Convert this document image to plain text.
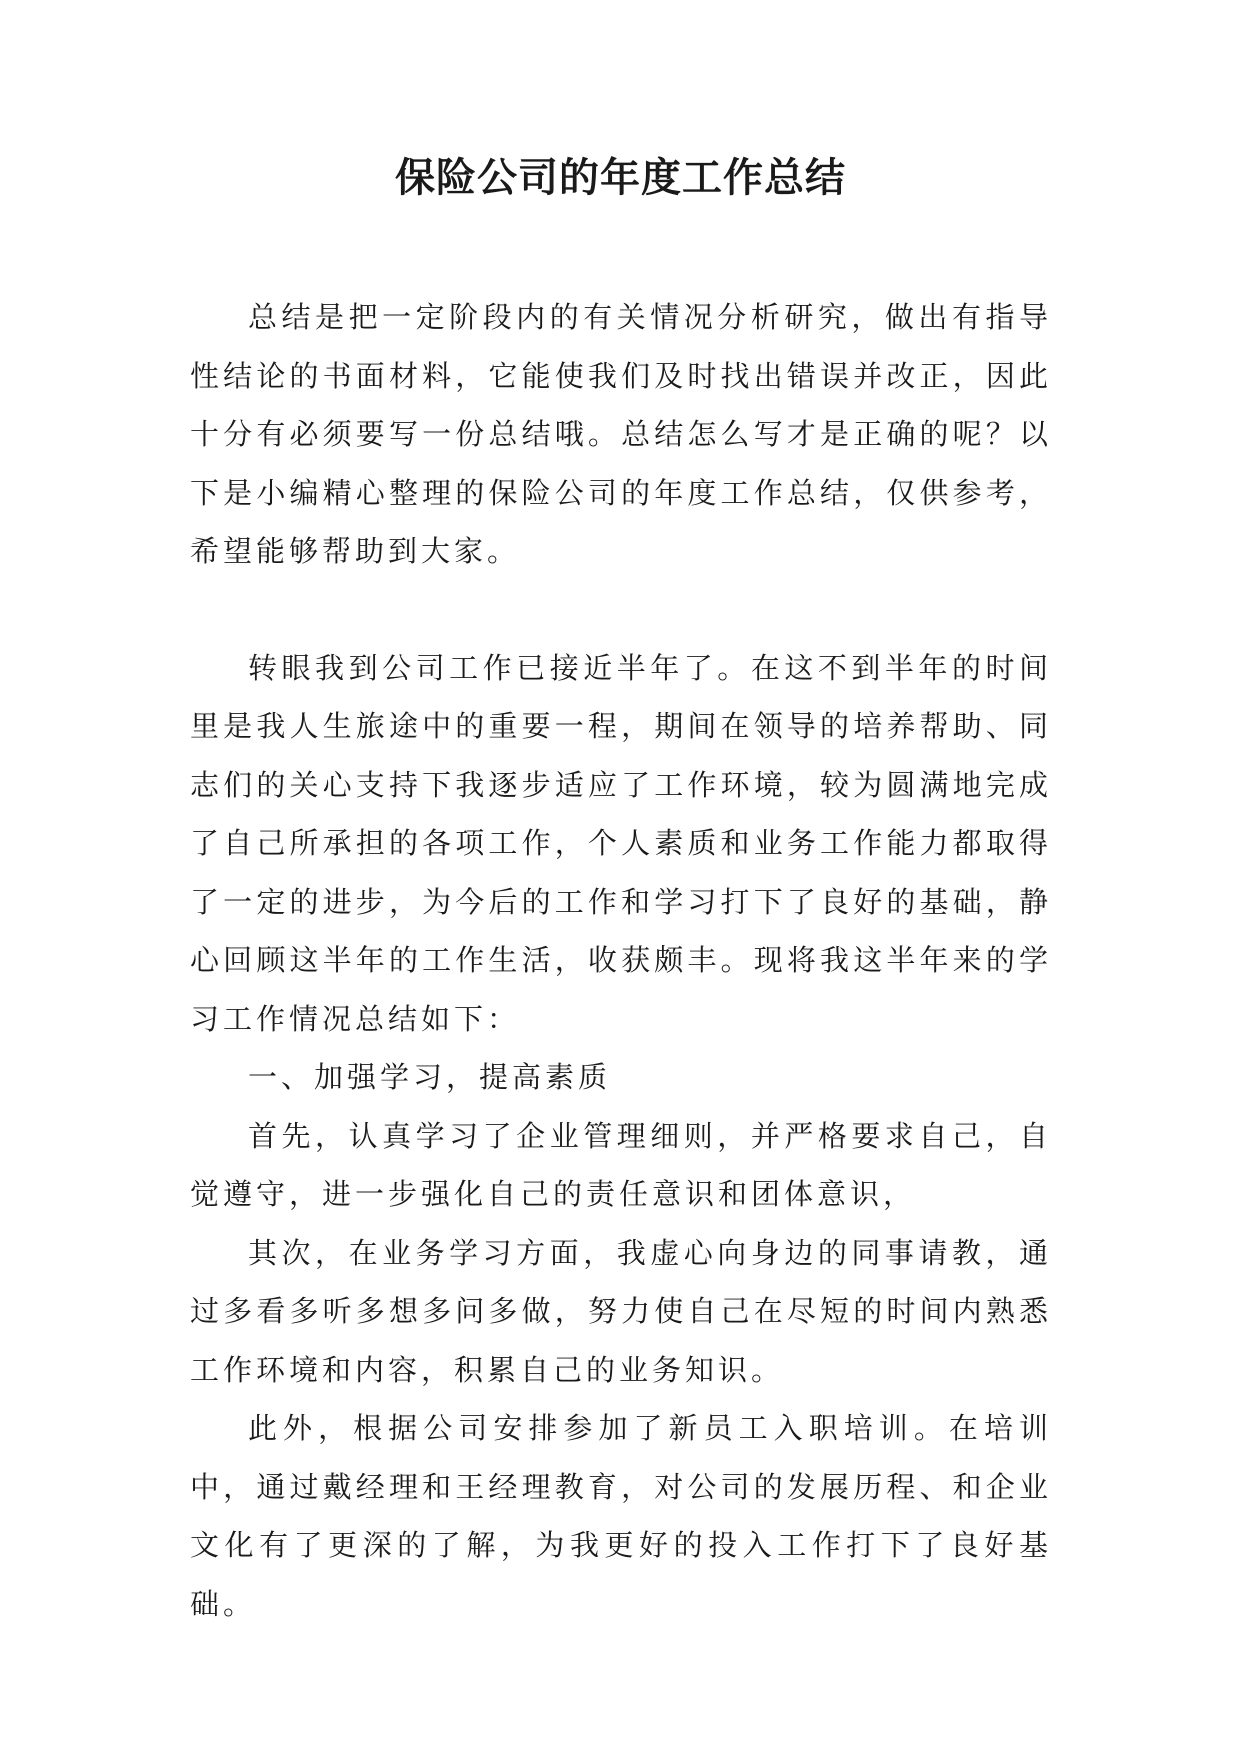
保险公司的年度工作总结

总结是把一定阶段内的有关情况分析研究，做出有指导性结论的书面材料，它能使我们及时找出错误并改正，因此十分有必须要写一份总结哦。总结怎么写才是正确的呢？以下是小编精心整理的保险公司的年度工作总结，仅供参考，希望能够帮助到大家。

转眼我到公司工作已接近半年了。在这不到半年的时间里是我人生旅途中的重要一程，期间在领导的培养帮助、同志们的关心支持下我逐步适应了工作环境，较为圆满地完成了自己所承担的各项工作，个人素质和业务工作能力都取得了一定的进步，为今后的工作和学习打下了良好的基础，静心回顾这半年的工作生活，收获颇丰。现将我这半年来的学习工作情况总结如下：

一、加强学习，提高素质

首先，认真学习了企业管理细则，并严格要求自己，自觉遵守，进一步强化自己的责任意识和团体意识，

其次，在业务学习方面，我虚心向身边的同事请教，通过多看多听多想多问多做，努力使自己在尽短的时间内熟悉工作环境和内容，积累自己的业务知识。

此外，根据公司安排参加了新员工入职培训。在培训中，通过戴经理和王经理教育，对公司的发展历程、和企业文化有了更深的了解，为我更好的投入工作打下了良好基础。
